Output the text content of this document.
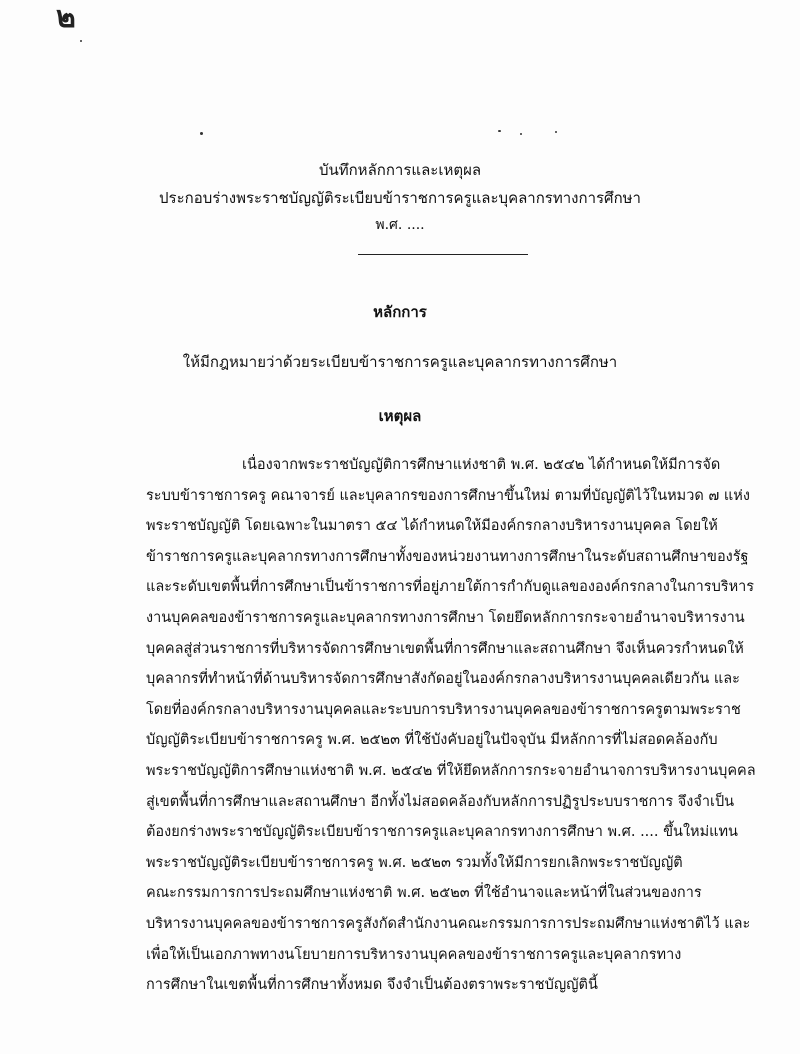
๒
บันทึกหลักการและเหตุผล
ประกอบร่างพระราชบัญญัติระเบียบข้าราชการครูและบุคลากรทางการศึกษา
พ.ศ. ....
หลักการ
ให้มีกฎหมายว่าด้วยระเบียบข้าราชการครูและบุคลากรทางการศึกษา
เหตุผล
เนื่องจากพระราชบัญญัติการศึกษาแห่งชาติ พ.ศ. ๒๕๔๒ ได้กำหนดให้มีการจัด
ระบบข้าราชการครู คณาจารย์ และบุคลากรของการศึกษาขึ้นใหม่ ตามที่บัญญัติไว้ในหมวด ๗ แห่ง
พระราชบัญญัติ โดยเฉพาะในมาตรา ๕๔ ได้กำหนดให้มีองค์กรกลางบริหารงานบุคคล โดยให้
ข้าราชการครูและบุคลากรทางการศึกษาทั้งของหน่วยงานทางการศึกษาในระดับสถานศึกษาของรัฐ
และระดับเขตพื้นที่การศึกษาเป็นข้าราชการที่อยู่ภายใต้การกำกับดูแลขององค์กรกลางในการบริหาร
งานบุคคลของข้าราชการครูและบุคลากรทางการศึกษา โดยยึดหลักการกระจายอำนาจบริหารงาน
บุคคลสู่ส่วนราชการที่บริหารจัดการศึกษาเขตพื้นที่การศึกษาและสถานศึกษา จึงเห็นควรกำหนดให้
บุคลากรที่ทำหน้าที่ด้านบริหารจัดการศึกษาสังกัดอยู่ในองค์กรกลางบริหารงานบุคคลเดียวกัน และ
โดยที่องค์กรกลางบริหารงานบุคคลและระบบการบริหารงานบุคคลของข้าราชการครูตามพระราช
บัญญัติระเบียบข้าราชการครู พ.ศ. ๒๕๒๓ ที่ใช้บังคับอยู่ในปัจจุบัน มีหลักการที่ไม่สอดคล้องกับ
พระราชบัญญัติการศึกษาแห่งชาติ พ.ศ. ๒๕๔๒ ที่ให้ยึดหลักการกระจายอำนาจการบริหารงานบุคคล
สู่เขตพื้นที่การศึกษาและสถานศึกษา อีกทั้งไม่สอดคล้องกับหลักการปฏิรูประบบราชการ จึงจำเป็น
ต้องยกร่างพระราชบัญญัติระเบียบข้าราชการครูและบุคลากรทางการศึกษา พ.ศ. .... ขึ้นใหม่แทน
พระราชบัญญัติระเบียบข้าราชการครู พ.ศ. ๒๕๒๓ รวมทั้งให้มีการยกเลิกพระราชบัญญัติ
คณะกรรมการการประถมศึกษาแห่งชาติ พ.ศ. ๒๕๒๓ ที่ใช้อำนาจและหน้าที่ในส่วนของการ
บริหารงานบุคคลของข้าราชการครูสังกัดสำนักงานคณะกรรมการการประถมศึกษาแห่งชาติไว้ และ
เพื่อให้เป็นเอกภาพทางนโยบายการบริหารงานบุคคลของข้าราชการครูและบุคลากรทาง
การศึกษาในเขตพื้นที่การศึกษาทั้งหมด จึงจำเป็นต้องตราพระราชบัญญัตินี้
